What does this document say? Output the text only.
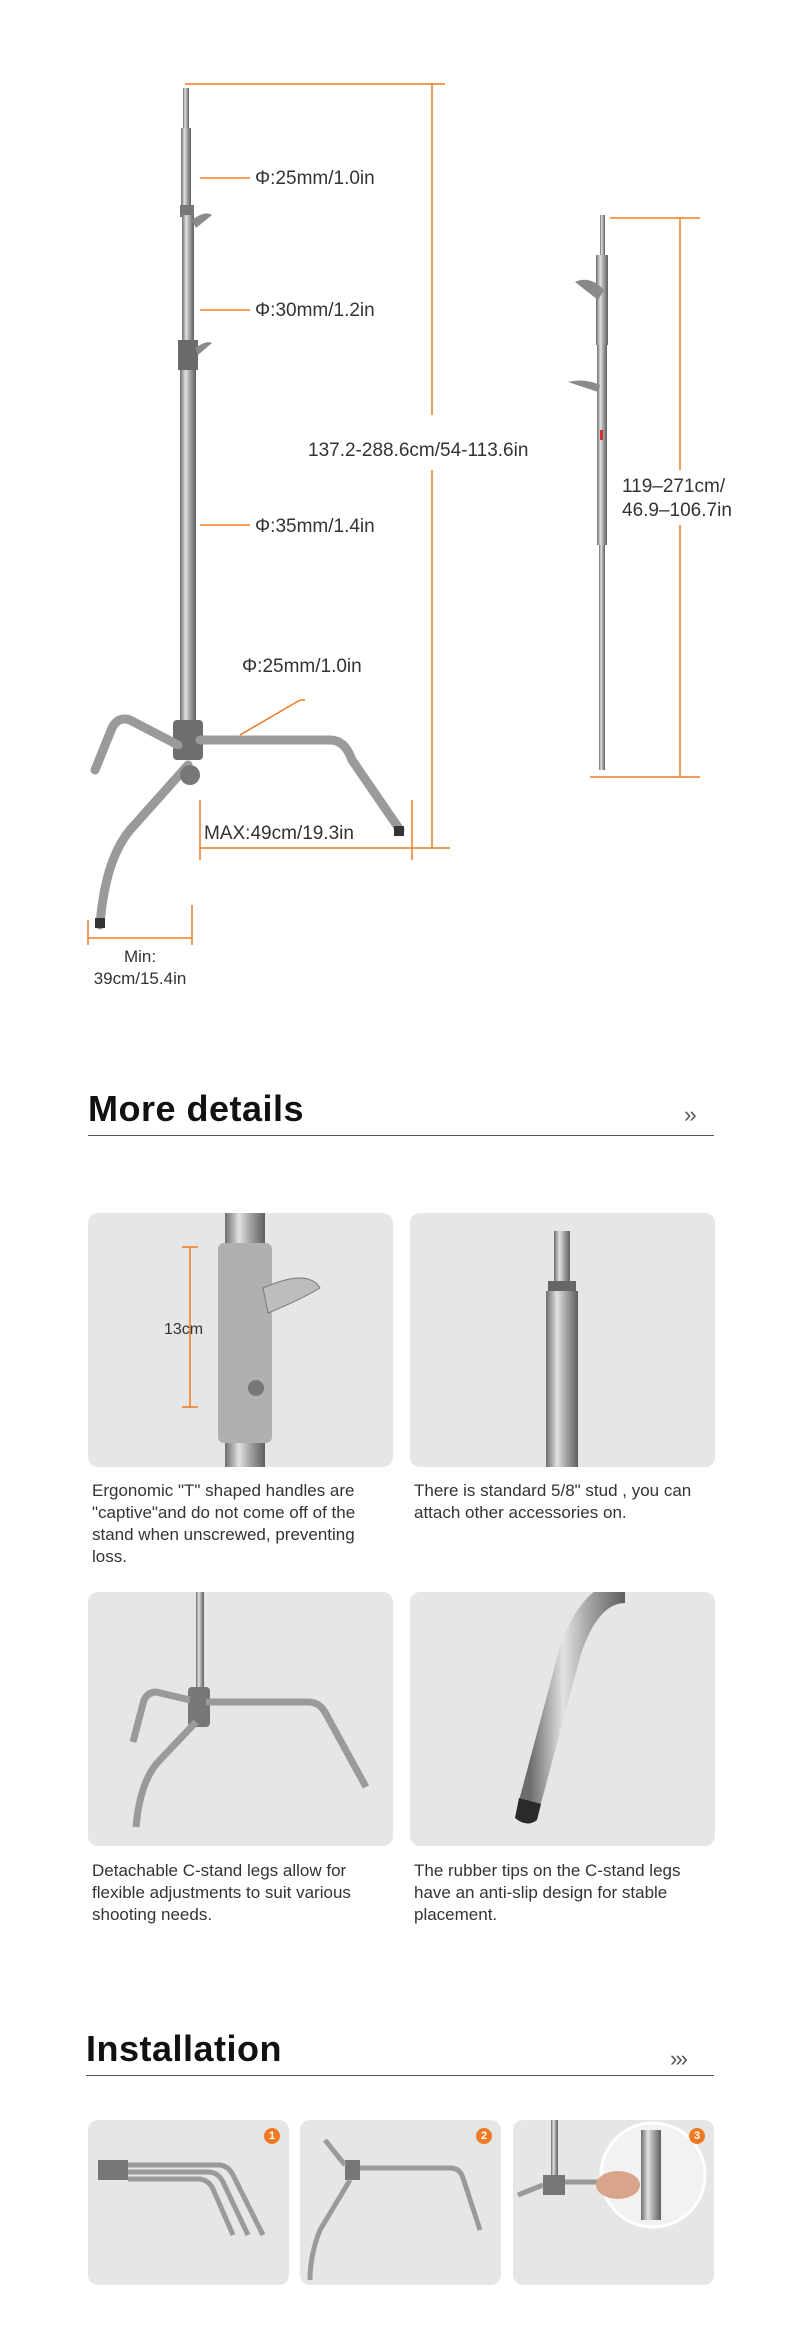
Φ:25mm/1.0in
Φ:30mm/1.2in
Φ:35mm/1.4in
Φ:25mm/1.0in
137.2-288.6cm/54-113.6in
MAX:49cm/19.3in
Min:
39cm/15.4in
119–271cm/
46.9–106.7in
More details	››
13cm
Ergonomic "T" shaped handles are "captive"and do not come off of the stand when unscrewed, preventing loss.
There is standard 5/8" stud , you can attach other accessories on.
Detachable C-stand legs allow for flexible adjustments to suit various shooting needs.
The rubber tips on the C-stand legs have an anti-slip design for stable placement.
Installation	›››
1	2	3
